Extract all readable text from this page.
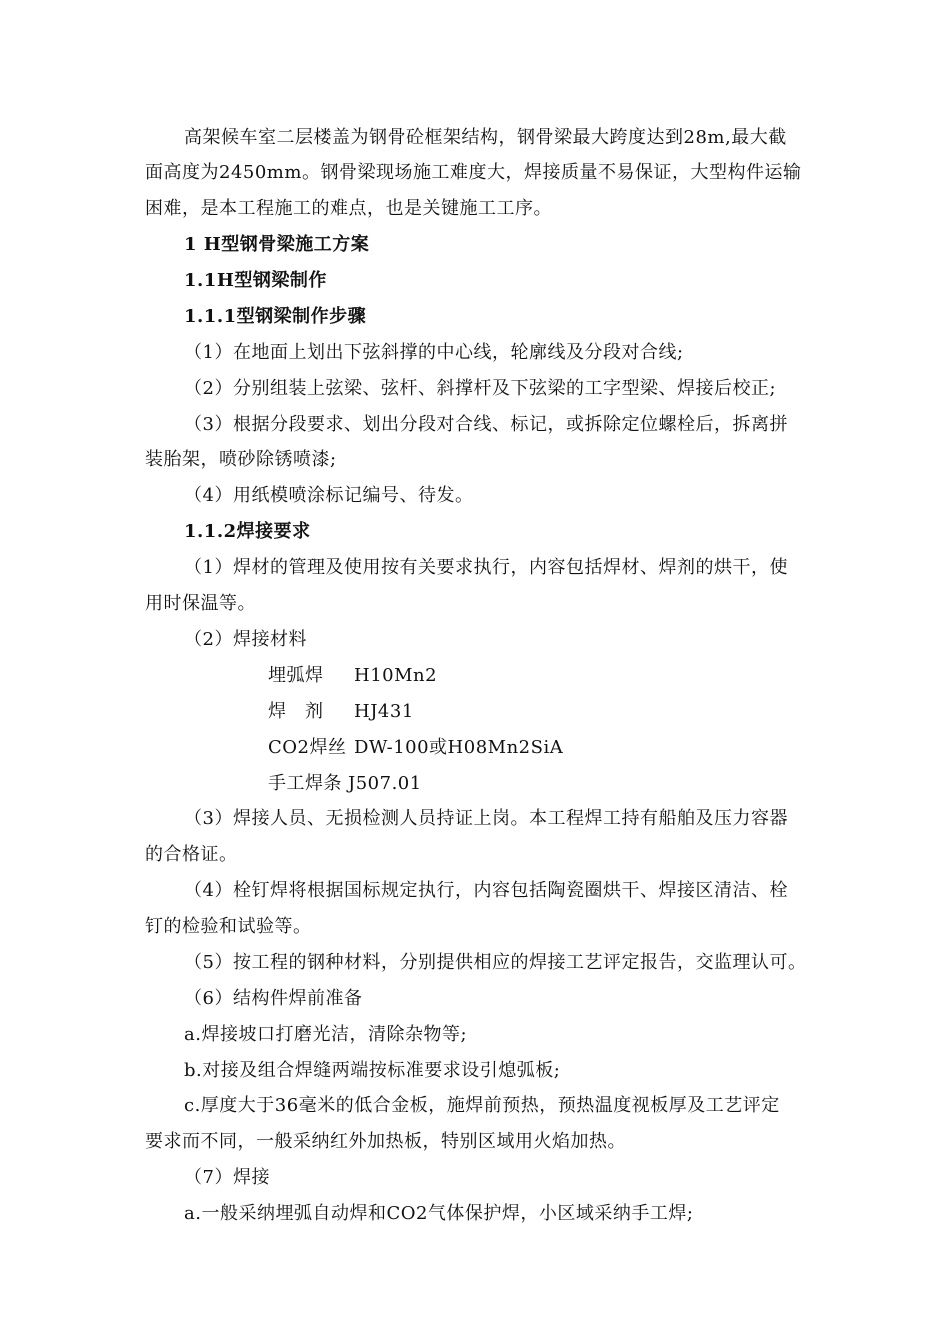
高架候车室二层楼盖为钢骨砼框架结构，钢骨梁最大跨度达到28m,最大截
面高度为2450mm。钢骨梁现场施工难度大，焊接质量不易保证，大型构件运输
困难，是本工程施工的难点，也是关键施工工序。
1 H型钢骨梁施工方案
1.1H型钢梁制作
1.1.1型钢梁制作步骤
（1）在地面上划出下弦斜撑的中心线，轮廓线及分段对合线;
（2）分别组装上弦梁、弦杆、斜撑杆及下弦梁的工字型梁、焊接后校正;
（3）根据分段要求、划出分段对合线、标记，或拆除定位螺栓后，拆离拼
装胎架，喷砂除锈喷漆;
（4）用纸模喷涂标记编号、待发。
1.1.2焊接要求
（1）焊材的管理及使用按有关要求执行，内容包括焊材、焊剂的烘干，使
用时保温等。
（2）焊接材料
埋弧焊 H10Mn2
焊　剂 HJ431
CO2焊丝 DW-100或H08Mn2SiA
手工焊条 J507.01
（3）焊接人员、无损检测人员持证上岗。本工程焊工持有船舶及压力容器
的合格证。
（4）栓钉焊将根据国标规定执行，内容包括陶瓷圈烘干、焊接区清洁、栓
钉的检验和试验等。
（5）按工程的钢种材料，分别提供相应的焊接工艺评定报告，交监理认可。
（6）结构件焊前准备
a.焊接坡口打磨光洁，清除杂物等;
b.对接及组合焊缝两端按标准要求设引熄弧板;
c.厚度大于36毫米的低合金板，施焊前预热，预热温度视板厚及工艺评定
要求而不同，一般采纳红外加热板，特别区域用火焰加热。
（7）焊接
a.一般采纳埋弧自动焊和CO2气体保护焊，小区域采纳手工焊;
